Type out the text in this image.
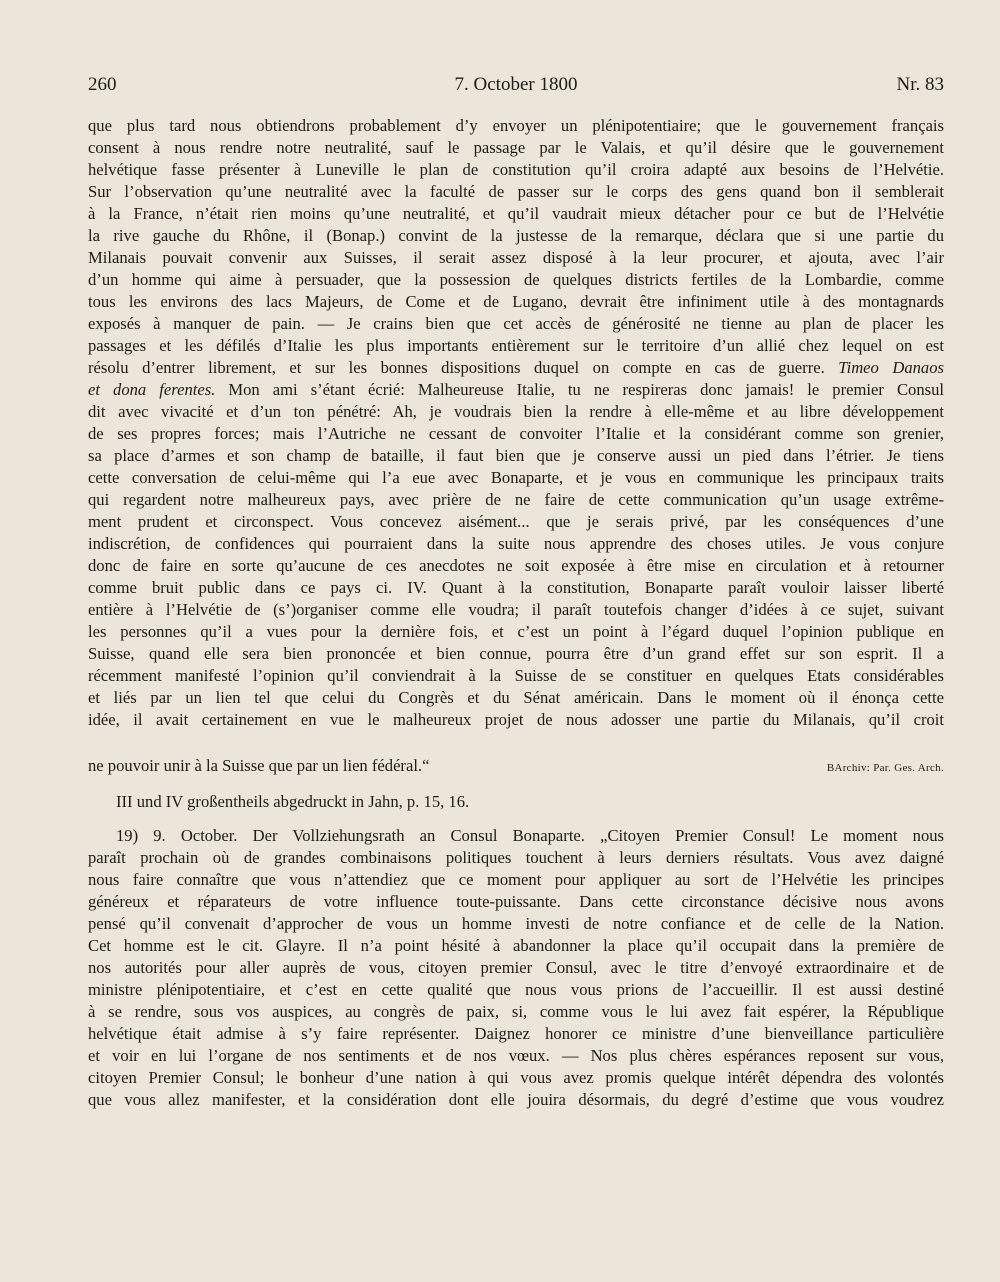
260	7. October 1800	Nr. 83
que plus tard nous obtiendrons probablement d’y envoyer un plénipotentiaire; que le gouvernement français
consent à nous rendre notre neutralité, sauf le passage par le Valais, et qu’il désire que le gouvernement
helvétique fasse présenter à Luneville le plan de constitution qu’il croira adapté aux besoins de l’Helvétie.
Sur l’observation qu’une neutralité avec la faculté de passer sur le corps des gens quand bon il semblerait
à la France, n’était rien moins qu’une neutralité, et qu’il vaudrait mieux détacher pour ce but de l’Helvétie
la rive gauche du Rhône, il (Bonap.) convint de la justesse de la remarque, déclara que si une partie du
Milanais pouvait convenir aux Suisses, il serait assez disposé à la leur procurer, et ajouta, avec l’air
d’un homme qui aime à persuader, que la possession de quelques districts fertiles de la Lombardie, comme
tous les environs des lacs Majeurs, de Come et de Lugano, devrait être infiniment utile à des montagnards
exposés à manquer de pain. — Je crains bien que cet accès de générosité ne tienne au plan de placer les
passages et les défilés d’Italie les plus importants entièrement sur le territoire d’un allié chez lequel on est
résolu d’entrer librement, et sur les bonnes dispositions duquel on compte en cas de guerre. Timeo Danaos
et dona ferentes. Mon ami s’étant écrié: Malheureuse Italie, tu ne respireras donc jamais! le premier Consul
dit avec vivacité et d’un ton pénétré: Ah, je voudrais bien la rendre à elle-même et au libre développement
de ses propres forces; mais l’Autriche ne cessant de convoiter l’Italie et la considérant comme son grenier,
sa place d’armes et son champ de bataille, il faut bien que je conserve aussi un pied dans l’étrier. Je tiens
cette conversation de celui-même qui l’a eue avec Bonaparte, et je vous en communique les principaux traits
qui regardent notre malheureux pays, avec prière de ne faire de cette communication qu’un usage extrême-
ment prudent et circonspect. Vous concevez aisément... que je serais privé, par les conséquences d’une
indiscrétion, de confidences qui pourraient dans la suite nous apprendre des choses utiles. Je vous conjure
donc de faire en sorte qu’aucune de ces anecdotes ne soit exposée à être mise en circulation et à retourner
comme bruit public dans ce pays ci. IV. Quant à la constitution, Bonaparte paraît vouloir laisser liberté
entière à l’Helvétie de (s’)organiser comme elle voudra; il paraît toutefois changer d’idées à ce sujet, suivant
les personnes qu’il a vues pour la dernière fois, et c’est un point à l’égard duquel l’opinion publique en
Suisse, quand elle sera bien prononcée et bien connue, pourra être d’un grand effet sur son esprit. Il a
récemment manifesté l’opinion qu’il conviendrait à la Suisse de se constituer en quelques Etats considérables
et liés par un lien tel que celui du Congrès et du Sénat américain. Dans le moment où il énonça cette
idée, il avait certainement en vue le malheureux projet de nous adosser une partie du Milanais, qu’il croit
ne pouvoir unir à la Suisse que par un lien fédéral.“	BArchiv: Par. Ges. Arch.
III und IV großentheils abgedruckt in Jahn, p. 15, 16.
19) 9. October. Der Vollziehungsrath an Consul Bonaparte. „Citoyen Premier Consul! Le moment nous
paraît prochain où de grandes combinaisons politiques touchent à leurs derniers résultats. Vous avez daigné
nous faire connaître que vous n’attendiez que ce moment pour appliquer au sort de l’Helvétie les principes
généreux et réparateurs de votre influence toute-puissante. Dans cette circonstance décisive nous avons
pensé qu’il convenait d’approcher de vous un homme investi de notre confiance et de celle de la Nation.
Cet homme est le cit. Glayre. Il n’a point hésité à abandonner la place qu’il occupait dans la première de
nos autorités pour aller auprès de vous, citoyen premier Consul, avec le titre d’envoyé extraordinaire et de
ministre plénipotentiaire, et c’est en cette qualité que nous vous prions de l’accueillir. Il est aussi destiné
à se rendre, sous vos auspices, au congrès de paix, si, comme vous le lui avez fait espérer, la République
helvétique était admise à s’y faire représenter. Daignez honorer ce ministre d’une bienveillance particulière
et voir en lui l’organe de nos sentiments et de nos vœux. — Nos plus chères espérances reposent sur vous,
citoyen Premier Consul; le bonheur d’une nation à qui vous avez promis quelque intérêt dépendra des volontés
que vous allez manifester, et la considération dont elle jouira désormais, du degré d’estime que vous voudrez
